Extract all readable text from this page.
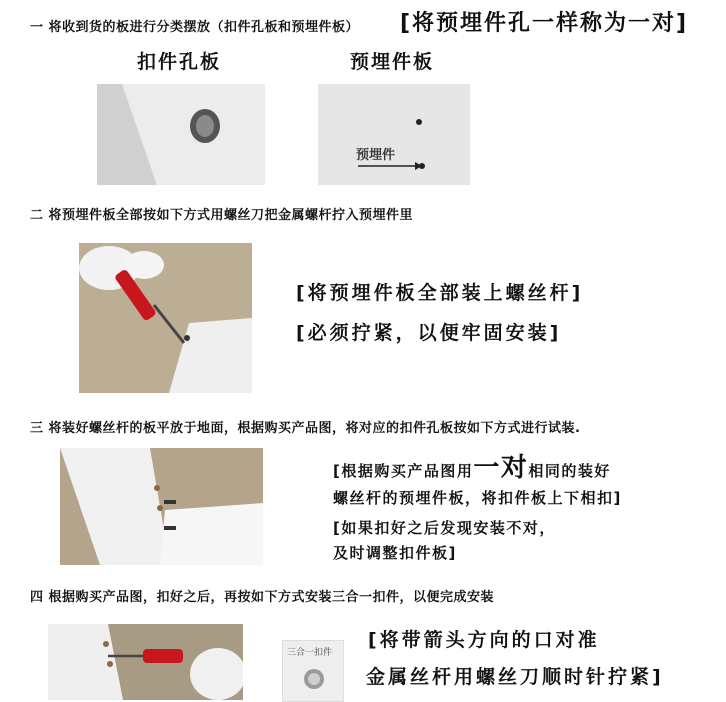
一 将收到货的板进行分类摆放（扣件孔板和预埋件板） [将预埋件孔一样称为一对]
扣件孔板	预埋件板
预埋件
二 将预埋件板全部按如下方式用螺丝刀把金属螺杆拧入预埋件里
[将预埋件板全部装上螺丝杆]
[必须拧紧，以便牢固安装]
三 将装好螺丝杆的板平放于地面，根据购买产品图，将对应的扣件孔板按如下方式进行试装.
[根据购买产品图用一对相同的装好
螺丝杆的预埋件板，将扣件板上下相扣]
[如果扣好之后发现安装不对，
及时调整扣件板]
四 根据购买产品图，扣好之后，再按如下方式安装三合一扣件，以便完成安装
三合一扣件
[将带箭头方向的口对准
金属丝杆用螺丝刀顺时针拧紧]
